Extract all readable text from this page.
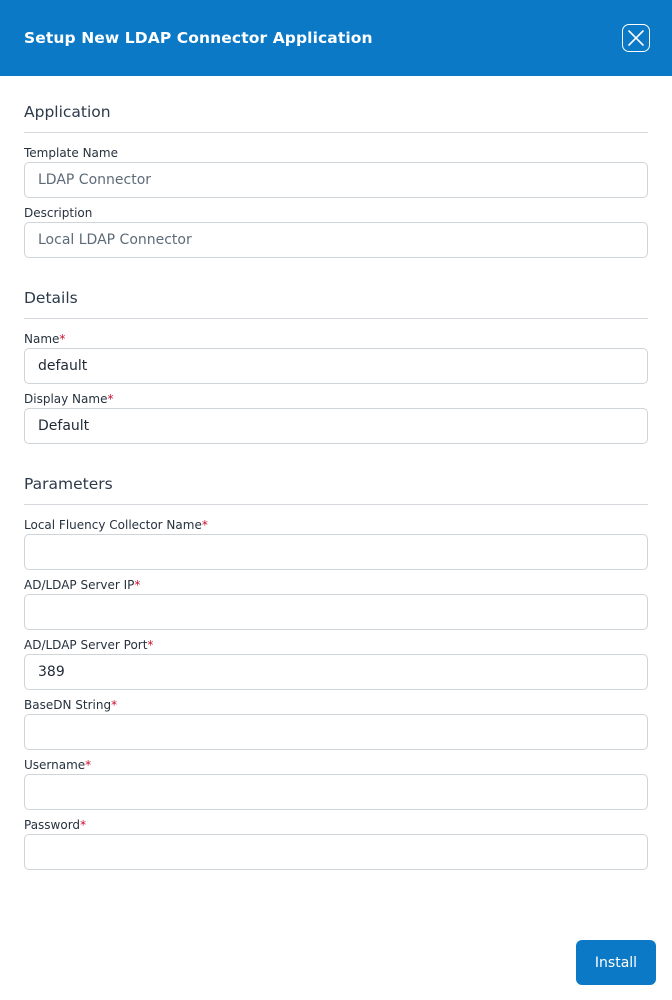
Setup New LDAP Connector Application
Application
Template Name
LDAP Connector
Description
Local LDAP Connector
Details
Name*
default
Display Name*
Default
Parameters
Local Fluency Collector Name*
AD/LDAP Server IP*
AD/LDAP Server Port*
389
BaseDN String*
Username*
Password*
Install
